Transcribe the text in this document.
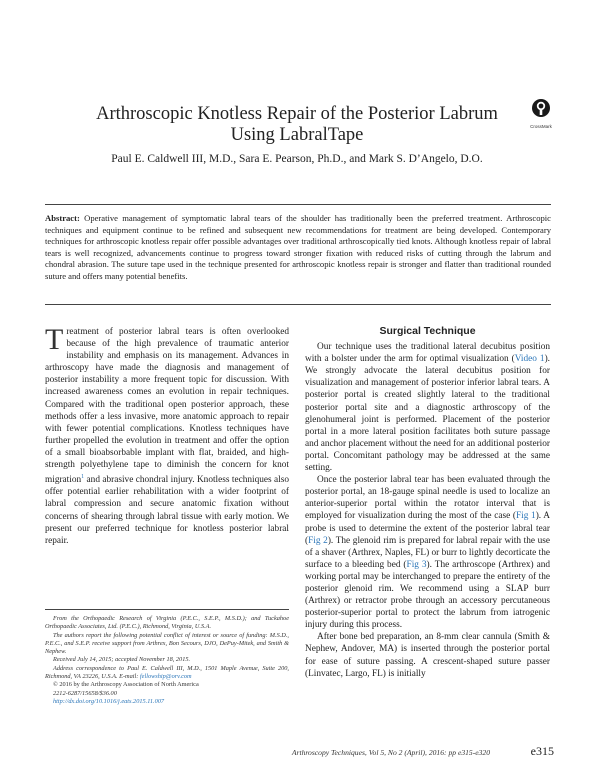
Arthroscopic Knotless Repair of the Posterior Labrum
Using LabralTape	CrossMark
Paul E. Caldwell III, M.D., Sara E. Pearson, Ph.D., and Mark S. D’Angelo, D.O.
Abstract: Operative management of symptomatic labral tears of the shoulder has traditionally been the preferred treatment. Arthroscopic techniques and equipment continue to be refined and subsequent new recommendations for treatment are being developed. Contemporary techniques for arthroscopic knotless repair offer possible advantages over traditional arthroscopically tied knots. Although knotless repair of labral tears is well recognized, advancements continue to progress toward stronger fixation with reduced risks of cutting through the labrum and chondral abrasion. The suture tape used in the technique presented for arthroscopic knotless repair is stronger and flatter than traditional rounded suture and offers many potential benefits.
Treatment of posterior labral tears is often overlooked because of the high prevalence of traumatic anterior instability and emphasis on its management. Advances in arthroscopy have made the diagnosis and management of posterior instability a more frequent topic for discussion. With increased awareness comes an evolution in repair techniques. Compared with the traditional open posterior approach, these methods offer a less invasive, more anatomic approach to repair with fewer potential complications. Knotless techniques have further propelled the evolution in treatment and offer the option of a small bioabsorbable implant with flat, braided, and high-strength polyethylene tape to diminish the concern for knot migration$^1$ and abrasive chondral injury. Knotless techniques also offer potential earlier rehabilitation with a wider footprint of labral compression and secure anatomic fixation without concerns of shearing through labral tissue with early motion. We present our preferred technique for knotless posterior labral repair.
Surgical Technique

Our technique uses the traditional lateral decubitus position with a bolster under the arm for optimal visualization (Video 1). We strongly advocate the lateral decubitus position for visualization and management of posterior inferior labral tears. A posterior portal is created slightly lateral to the traditional posterior portal site and a diagnostic arthroscopy of the glenohumeral joint is performed. Placement of the posterior portal in a more lateral position facilitates both suture passage and anchor placement without the need for an additional posterior portal. Concomitant pathology may be addressed at the same setting.

Once the posterior labral tear has been evaluated through the posterior portal, an 18-gauge spinal needle is used to localize an anterior-superior portal within the rotator interval that is employed for visualization during the most of the case (Fig 1). A probe is used to determine the extent of the posterior labral tear (Fig 2). The glenoid rim is prepared for labral repair with the use of a shaver (Arthrex, Naples, FL) or burr to lightly decorticate the surface to a bleeding bed (Fig 3). The arthroscope (Arthrex) and working portal may be interchanged to prepare the entirety of the posterior glenoid rim. We recommend using a SLAP burr (Arthrex) or retractor probe through an accessory percutaneous posterior-superior portal to protect the labrum from iatrogenic injury during this process.

After bone bed preparation, an 8-mm clear cannula (Smith & Nephew, Andover, MA) is inserted through the posterior portal for ease of suture passing. A crescent-shaped suture passer (Linvatec, Largo, FL) is initially

From the Orthopaedic Research of Virginia (P.E.C., S.E.P., M.S.D.); and Tuckahoe Orthopaedic Associates, Ltd. (P.E.C.), Richmond, Virginia, U.S.A.

The authors report the following potential conflict of interest or source of funding: M.S.D., P.E.C., and S.E.P. receive support from Arthrex, Bon Secours, DJO, DePuy-Mitek, and Smith & Nephew.

Received July 14, 2015; accepted November 18, 2015.

Address correspondence to Paul E. Caldwell III, M.D., 1501 Maple Avenue, Suite 200, Richmond, VA 23226, U.S.A. E-mail: fellowship@orv.com

© 2016 by the Arthroscopy Association of North America

2212-6287/15658/$36.00

http://dx.doi.org/10.1016/j.eats.2015.11.007

Arthroscopy Techniques, Vol 5, No 2 (April), 2016: pp e315-e320	e315
